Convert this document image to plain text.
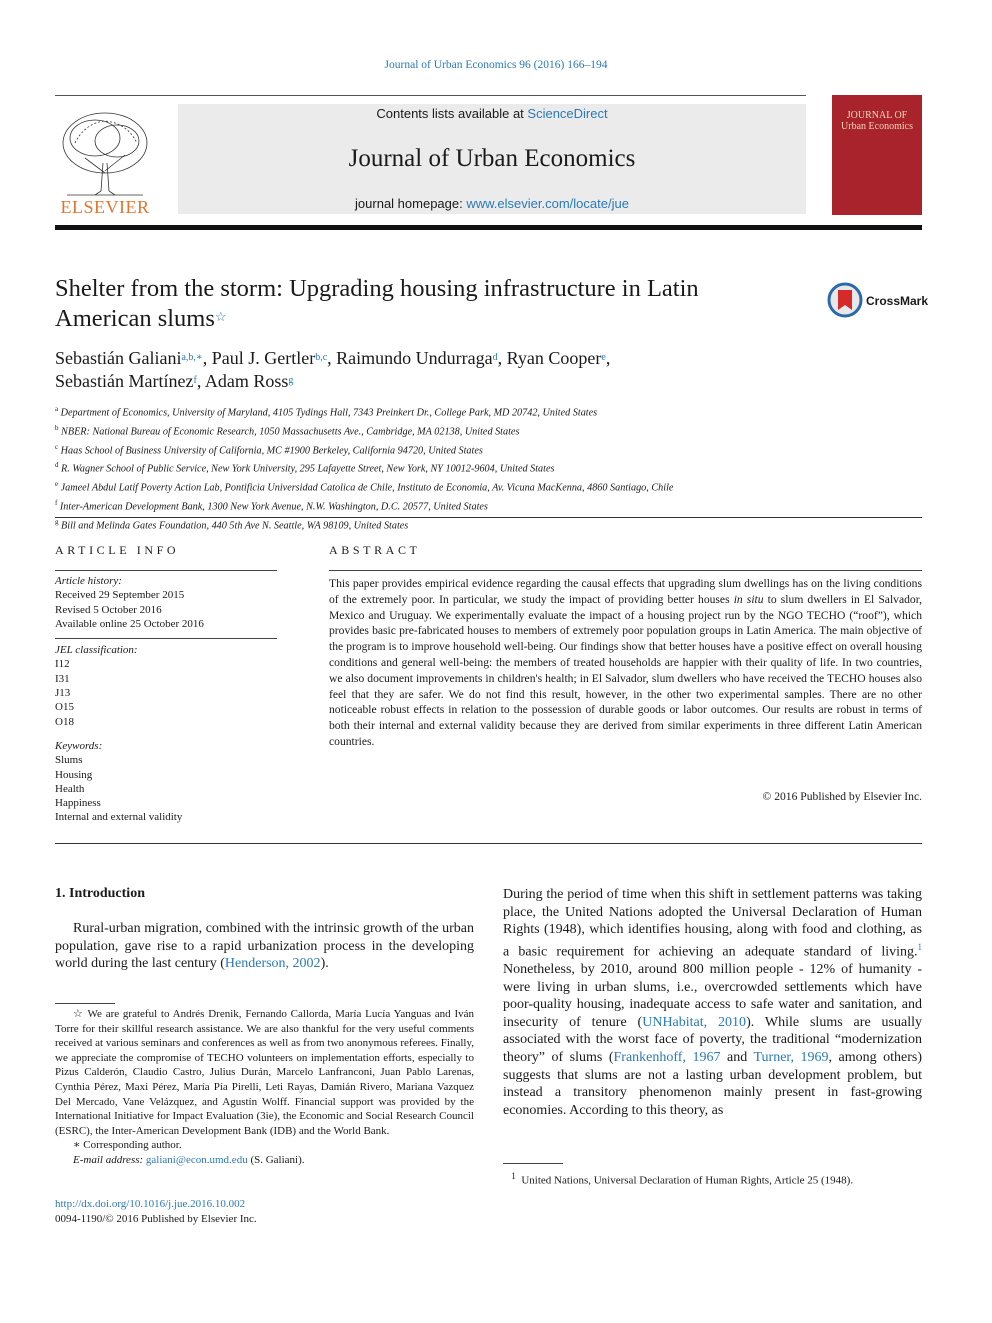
Journal of Urban Economics 96 (2016) 166–194
ELSEVIER
Contents lists available at ScienceDirect
Journal of Urban Economics
journal homepage: www.elsevier.com/locate/jue
JOURNAL OF Urban Economics
Shelter from the storm: Upgrading housing infrastructure in Latin American slums☆
CrossMark
Sebastián Galiani$^{a,b,∗}$, Paul J. Gertler$^{b,c}$, Raimundo Undurraga$^d$, Ryan Cooper$^e$,
Sebastián Martínez$^f$, Adam Ross$^g$
$^a$ Department of Economics, University of Maryland, 4105 Tydings Hall, 7343 Preinkert Dr., College Park, MD 20742, United States
$^b$ NBER: National Bureau of Economic Research, 1050 Massachusetts Ave., Cambridge, MA 02138, United States
$^c$ Haas School of Business University of California, MC #1900 Berkeley, California 94720, United States
$^d$ R. Wagner School of Public Service, New York University, 295 Lafayette Street, New York, NY 10012-9604, United States
$^e$ Jameel Abdul Latif Poverty Action Lab, Pontificia Universidad Catolica de Chile, Instituto de Economia, Av. Vicuna MacKenna, 4860 Santiago, Chile
$^f$ Inter-American Development Bank, 1300 New York Avenue, N.W. Washington, D.C. 20577, United States
$^g$ Bill and Melinda Gates Foundation, 440 5th Ave N. Seattle, WA 98109, United States
ARTICLE INFO	ABSTRACT
Article history:
Received 29 September 2015
Revised 5 October 2016
Available online 25 October 2016
JEL classification:
I12
I31
J13
O15
O18
Keywords:
Slums
Housing
Health
Happiness
Internal and external validity
This paper provides empirical evidence regarding the causal effects that upgrading slum dwellings has on the living conditions of the extremely poor. In particular, we study the impact of providing better houses in situ to slum dwellers in El Salvador, Mexico and Uruguay. We experimentally evaluate the impact of a housing project run by the NGO TECHO (“roof”), which provides basic pre-fabricated houses to members of extremely poor population groups in Latin America. The main objective of the program is to improve household well-being. Our findings show that better houses have a positive effect on overall housing conditions and general well-being: the members of treated households are happier with their quality of life. In two countries, we also document improvements in children's health; in El Salvador, slum dwellers who have received the TECHO houses also feel that they are safer. We do not find this result, however, in the other two experimental samples. There are no other noticeable robust effects in relation to the possession of durable goods or labor outcomes. Our results are robust in terms of both their internal and external validity because they are derived from similar experiments in three different Latin American countries.
© 2016 Published by Elsevier Inc.
1. Introduction
Rural-urban migration, combined with the intrinsic growth of the urban population, gave rise to a rapid urbanization process in the developing world during the last century (Henderson, 2002).
During the period of time when this shift in settlement patterns was taking place, the United Nations adopted the Universal Declaration of Human Rights (1948), which identifies housing, along with food and clothing, as a basic requirement for achieving an adequate standard of living.$^1$ Nonetheless, by 2010, around 800 million people - 12% of humanity - were living in urban slums, i.e., overcrowded settlements which have poor-quality housing, inadequate access to safe water and sanitation, and insecurity of tenure (UNHabitat, 2010). While slums are usually associated with the worst face of poverty, the traditional “modernization theory” of slums (Frankenhoff, 1967 and Turner, 1969, among others) suggests that slums are not a lasting urban development problem, but instead a transitory phenomenon mainly present in fast-growing economies. According to this theory, as
☆ We are grateful to Andrés Drenik, Fernando Callorda, María Lucía Yanguas and Iván Torre for their skillful research assistance. We are also thankful for the very useful comments received at various seminars and conferences as well as from two anonymous referees. Finally, we appreciate the compromise of TECHO volunteers on implementation efforts, especially to Pizus Calderón, Claudio Castro, Julius Durán, Marcelo Lanfranconi, Juan Pablo Larenas, Cynthia Pérez, Maxi Pérez, María Pía Pirelli, Leti Rayas, Damián Rivero, Mariana Vazquez Del Mercado, Vane Velázquez, and Agustín Wolff. Financial support was provided by the International Initiative for Impact Evaluation (3ie), the Economic and Social Research Council (ESRC), the Inter-American Development Bank (IDB) and the World Bank.
∗ Corresponding author.
E-mail address: galiani@econ.umd.edu (S. Galiani).
$^1$ United Nations, Universal Declaration of Human Rights, Article 25 (1948).
http://dx.doi.org/10.1016/j.jue.2016.10.002
0094-1190/© 2016 Published by Elsevier Inc.
